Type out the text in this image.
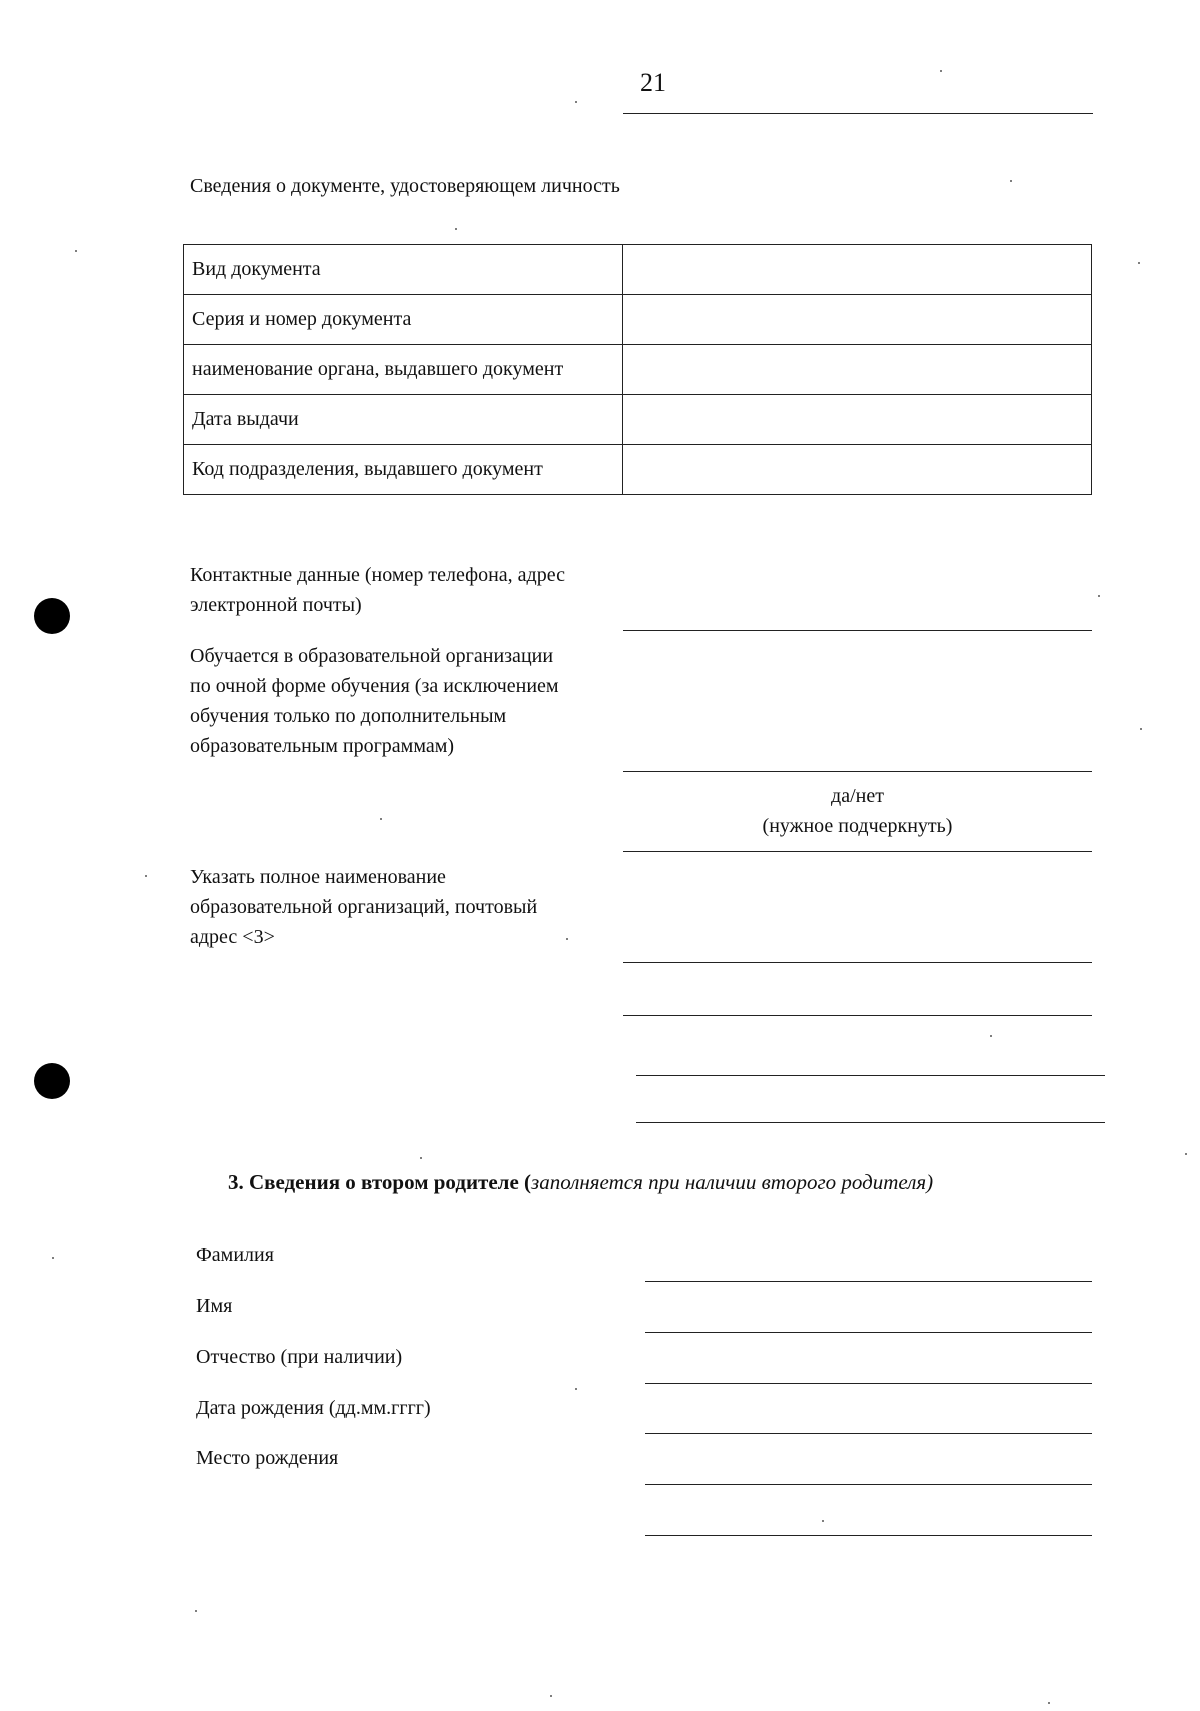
21
Сведения о документе, удостоверяющем личность
Вид документа	
Серия и номер документа	
наименование органа, выдавшего документ	
Дата выдачи	
Код подразделения, выдавшего документ	
Контактные данные (номер телефона, адрес
электронной почты)
Обучается в образовательной организации
по очной форме обучения (за исключением
обучения только по дополнительным
образовательным программам)
да/нет
(нужное подчеркнуть)
Указать полное наименование
образовательной организаций, почтовый
адрес <3>
3. Сведения о втором родителе (заполняется при наличии второго родителя)
Фамилия
Имя
Отчество (при наличии)
Дата рождения (дд.мм.гггг)
Место рождения
